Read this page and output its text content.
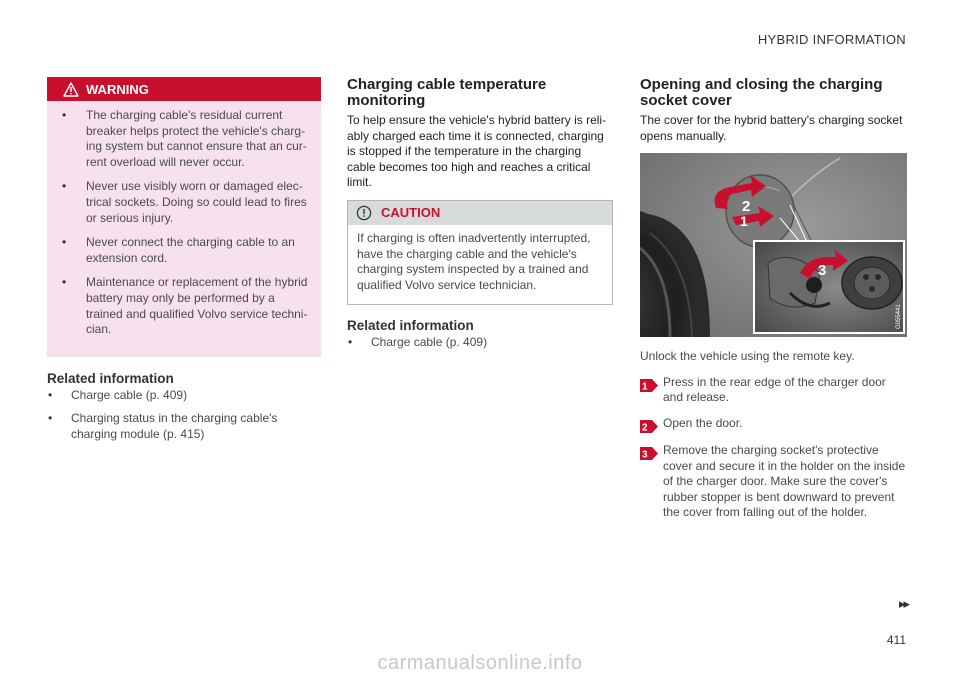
HYBRID INFORMATION
WARNING
• The charging cable's residual current breaker helps protect the vehicle's charg- ing system but cannot ensure that an cur- rent overload will never occur.
• Never use visibly worn or damaged elec- trical sockets. Doing so could lead to fires or serious injury.
• Never connect the charging cable to an extension cord.
• Maintenance or replacement of the hybrid battery may only be performed by a trained and qualified Volvo service techni- cian.
Related information
• Charge cable (p. 409)
• Charging status in the charging cable's charging module (p. 415)
Charging cable temperature monitoring

To help ensure the vehicle's hybrid battery is reli- ably charged each time it is connected, charging is stopped if the temperature in the charging cable becomes too high and reaches a critical limit.

CAUTION
If charging is often inadvertently interrupted, have the charging cable and the vehicle's charging system inspected by a trained and qualified Volvo service technician.
Related information
• Charge cable (p. 409)
Opening and closing the charging socket cover

The cover for the hybrid battery's charging socket opens manually.

2
1
3
G055441

Unlock the vehicle using the remote key.

1 Press in the rear edge of the charger door and release.
2 Open the door.
3 Remove the charging socket's protective cover and secure it in the holder on the inside of the charger door. Make sure the cover's rubber stopper is bent downward to prevent the cover from falling out of the holder.
▸▸
411
carmanualsonline.info
